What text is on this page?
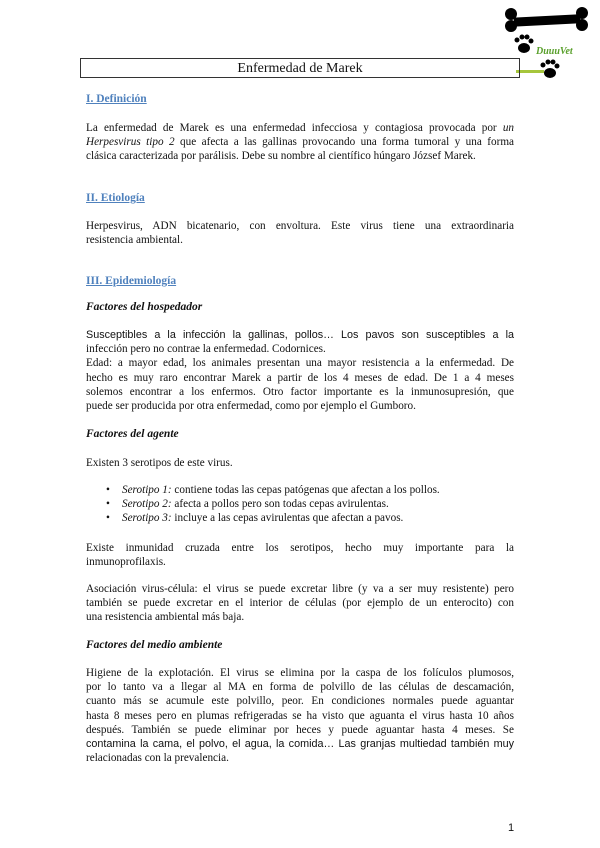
DuuuVet
Enfermedad de Marek
I. Definición
La enfermedad de Marek es una enfermedad infecciosa y contagiosa provocada por un
Herpesvirus tipo 2 que afecta a las gallinas provocando una forma tumoral y una forma
clásica caracterizada por parálisis. Debe su nombre al científico húngaro József Marek.
II. Etiología
Herpesvirus, ADN bicatenario, con envoltura. Este virus tiene una extraordinaria
resistencia ambiental.
III. Epidemiología
Factores del hospedador
Susceptibles a la infección la gallinas, pollos… Los pavos son susceptibles a la
infección pero no contrae la enfermedad. Codornices.
Edad: a mayor edad, los animales presentan una mayor resistencia a la enfermedad. De
hecho es muy raro encontrar Marek a partir de los 4 meses de edad. De 1 a 4 meses
solemos encontrar a los enfermos. Otro factor importante es la inmunosupresión, que
puede ser producida por otra enfermedad, como por ejemplo el Gumboro.
Factores del agente
Existen 3 serotipos de este virus.
• Serotipo 1: contiene todas las cepas patógenas que afectan a los pollos.
• Serotipo 2: afecta a pollos pero son todas cepas avirulentas.
• Serotipo 3: incluye a las cepas avirulentas que afectan a pavos.
Existe inmunidad cruzada entre los serotipos, hecho muy importante para la
inmunoprofilaxis.
Asociación virus-célula: el virus se puede excretar libre (y va a ser muy resistente) pero
también se puede excretar en el interior de células (por ejemplo de un enterocito) con
una resistencia ambiental más baja.
Factores del medio ambiente
Higiene de la explotación. El virus se elimina por la caspa de los folículos plumosos,
por lo tanto va a llegar al MA en forma de polvillo de las células de descamación,
cuanto más se acumule este polvillo, peor. En condiciones normales puede aguantar
hasta 8 meses pero en plumas refrigeradas se ha visto que aguanta el virus hasta 10 años
después. También se puede eliminar por heces y puede aguantar hasta 4 meses. Se
contamina la cama, el polvo, el agua, la comida… Las granjas multiedad también muy
relacionadas con la prevalencia.
1
